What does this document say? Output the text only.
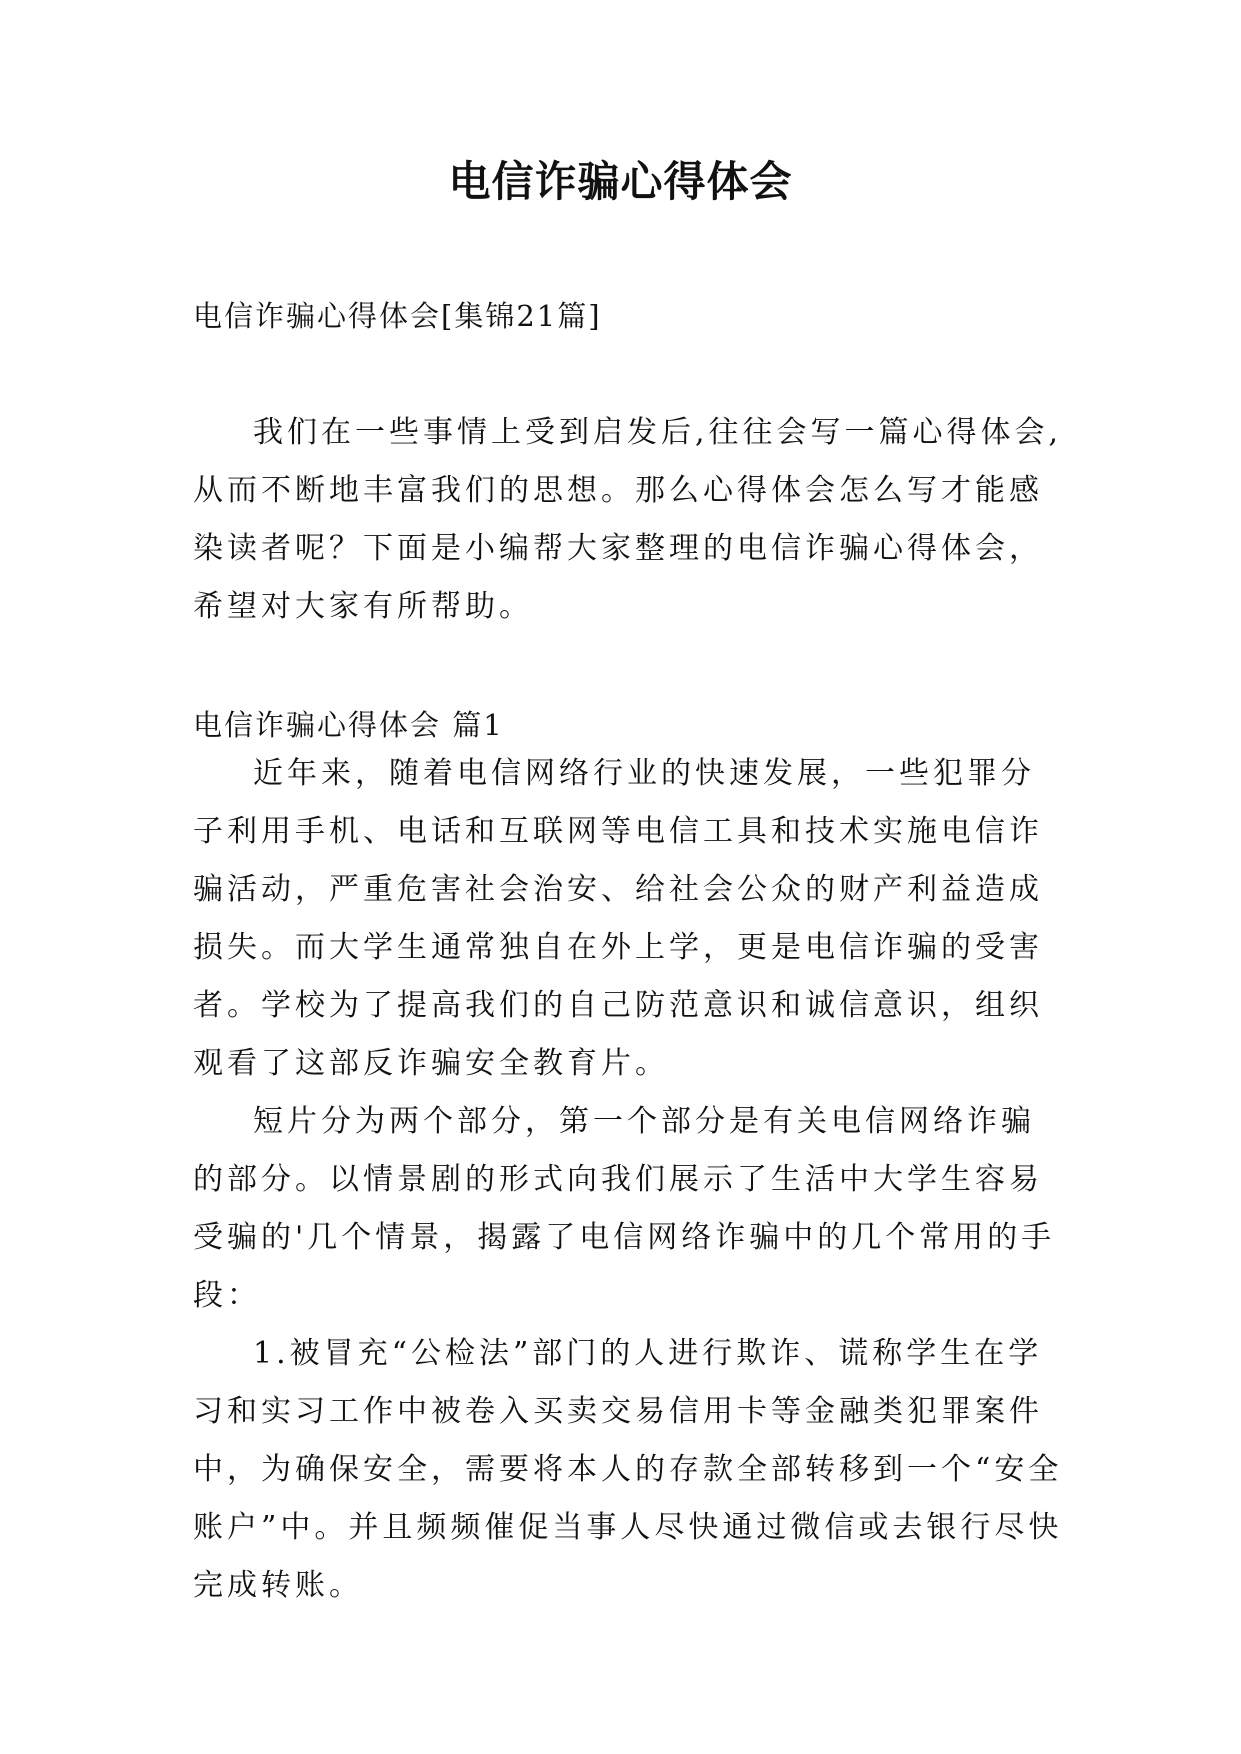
电信诈骗心得体会
电信诈骗心得体会[集锦21篇]

我们在一些事情上受到启发后,往往会写一篇心得体会,从而不断地丰富我们的思想。那么心得体会怎么写才能感染读者呢？下面是小编帮大家整理的电信诈骗心得体会，希望对大家有所帮助。

电信诈骗心得体会 篇1

近年来，随着电信网络行业的快速发展，一些犯罪分子利用手机、电话和互联网等电信工具和技术实施电信诈骗活动，严重危害社会治安、给社会公众的财产利益造成损失。而大学生通常独自在外上学，更是电信诈骗的受害者。学校为了提高我们的自己防范意识和诚信意识，组织观看了这部反诈骗安全教育片。

短片分为两个部分，第一个部分是有关电信网络诈骗的部分。以情景剧的形式向我们展示了生活中大学生容易受骗的'几个情景，揭露了电信网络诈骗中的几个常用的手段：

1.被冒充“公检法”部门的人进行欺诈、谎称学生在学习和实习工作中被卷入买卖交易信用卡等金融类犯罪案件中，为确保安全，需要将本人的存款全部转移到一个“安全账户”中。并且频频催促当事人尽快通过微信或去银行尽快完成转账。
